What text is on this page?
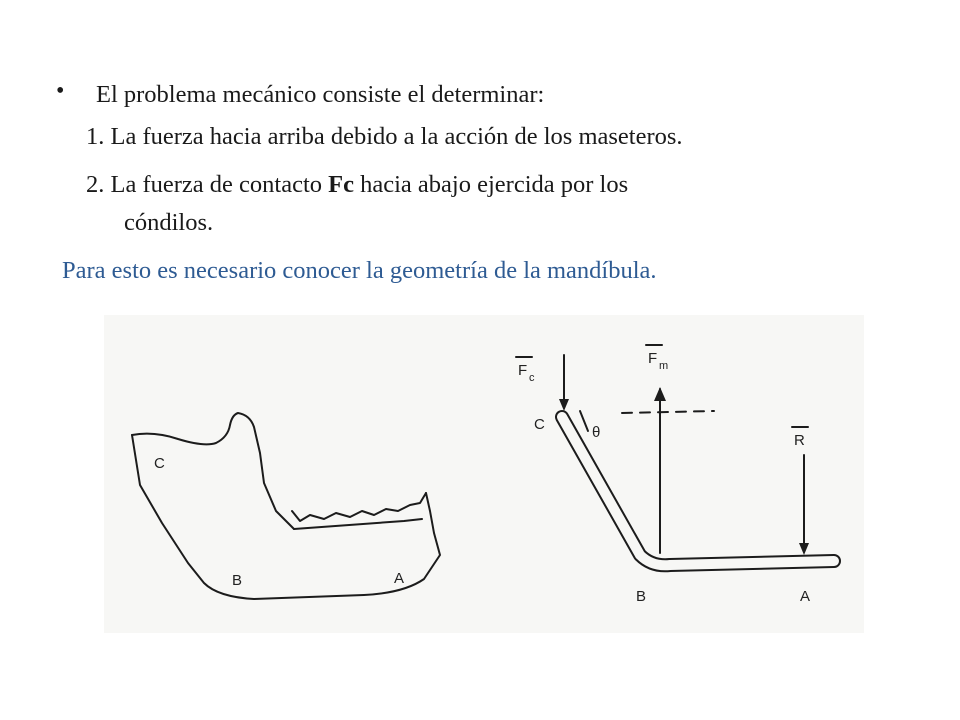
• El problema mecánico consiste el determinar:
1. La fuerza hacia arriba debido a la acción de los maseteros.
2. La fuerza de contacto Fc hacia abajo ejercida por los
cóndilos.
Para esto es necesario conocer la geometría de la mandíbula.
C
B	A
F c
F m
θ	R
C
B	A
